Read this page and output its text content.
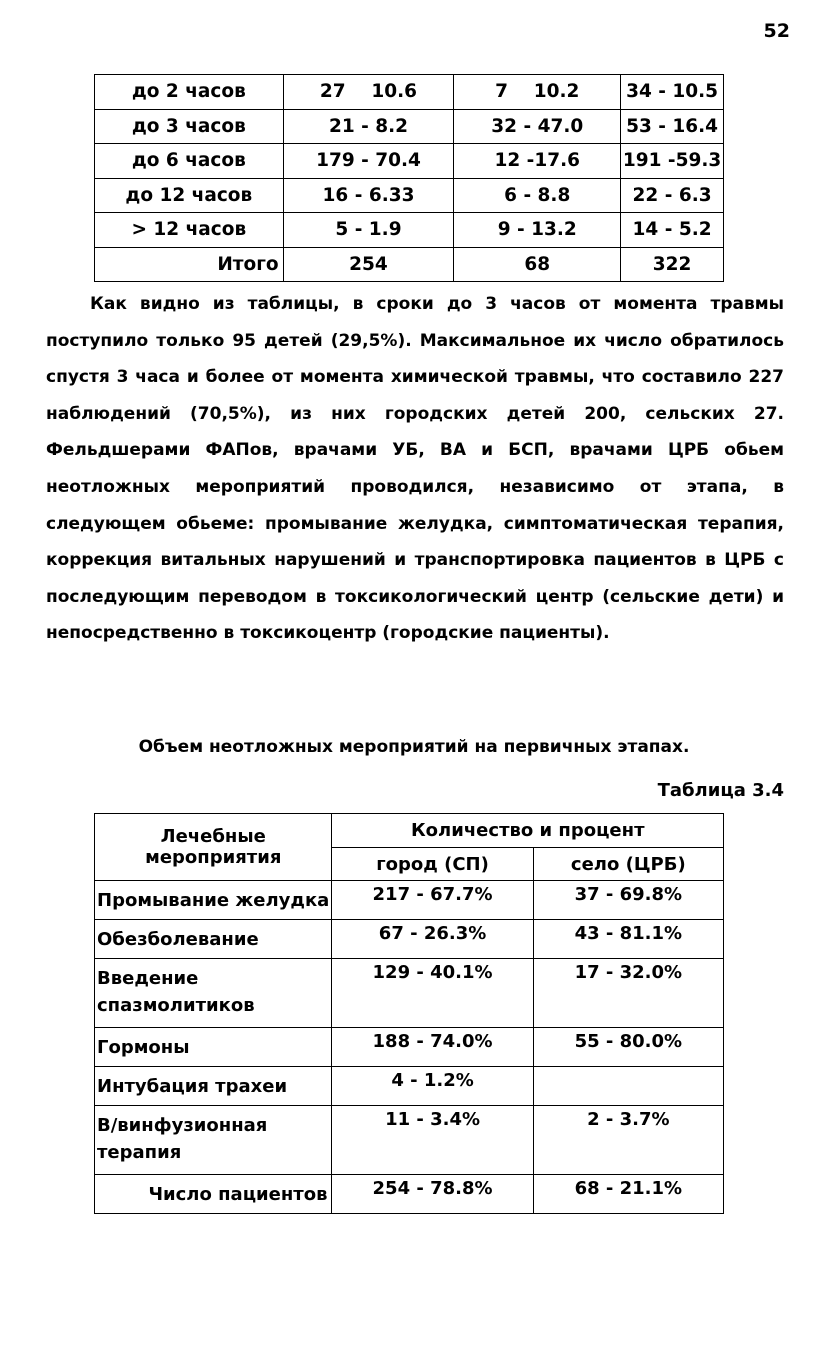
52
до 2 часов	27    10.6	7    10.2	34 - 10.5
до 3 часов	21 - 8.2	32 - 47.0	53 - 16.4
до 6 часов	179 - 70.4	12 -17.6	191 -59.3
до 12 часов	16 - 6.33	6 - 8.8	22 - 6.3
> 12 часов	5 - 1.9	9 - 13.2	14 - 5.2
Итого	254	68	322

Как видно из таблицы, в сроки до 3 часов от момента травмы поступило только 95 детей (29,5%). Максимальное их число обратилось спустя 3 часа и более от момента химической травмы, что составило 227 наблюдений (70,5%), из них городских детей 200, сельских 27. Фельдшерами ФАПов, врачами УБ, ВА и БСП, врачами ЦРБ обьем неотложных мероприятий проводился, независимо от этапа, в следующем обьеме: промывание желудка, симптоматическая терапия, коррекция витальных нарушений и транспортировка пациентов в ЦРБ с последующим переводом в токсикологический центр (сельские дети) и непосредственно в токсикоцентр (городские пациенты).

Объем неотложных мероприятий на первичных этапах.

Таблица 3.4
Лечебные мероприятия	Количество и процент	
	город (СП)	село (ЦРБ)
Промывание желудка	217 - 67.7%	37 - 69.8%
Обезболевание	67 - 26.3%	43 - 81.1%
Введение спазмолитиков	129 - 40.1%	17 - 32.0%
Гормоны	188 - 74.0%	55 - 80.0%
Интубация трахеи	4 - 1.2%	
В/винфузионная терапия	11 - 3.4%	2 - 3.7%
Число пациентов	254 - 78.8%	68 - 21.1%
